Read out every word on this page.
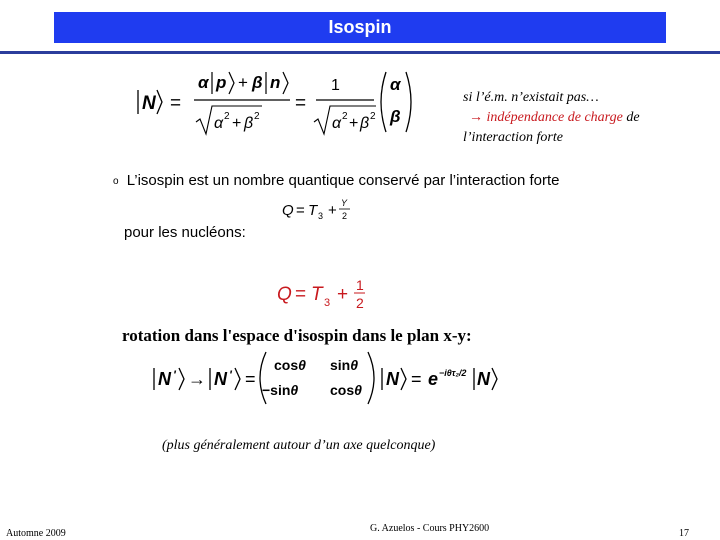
Isospin
N =
α p + β n
α 2 + β 2
=
1
α 2 + β 2
α
β
si l’é.m. n’existait pas…
→ indépendance de charge de
l’interaction forte
o L’isospin est un nombre quantique conservé par l’interaction forte
Q = T 3 + Y
2
pour les nucléons:
Q = T 3 + 1
2
rotation dans l'espace d'isospin dans le plan x-y:
N ' → N ' =
cosθ sinθ
−sinθ cosθ
N = e −iθτ₂/2 N
(plus généralement autour d’un axe quelconque)
Automne 2009	G. Azuelos - Cours PHY2600	17
